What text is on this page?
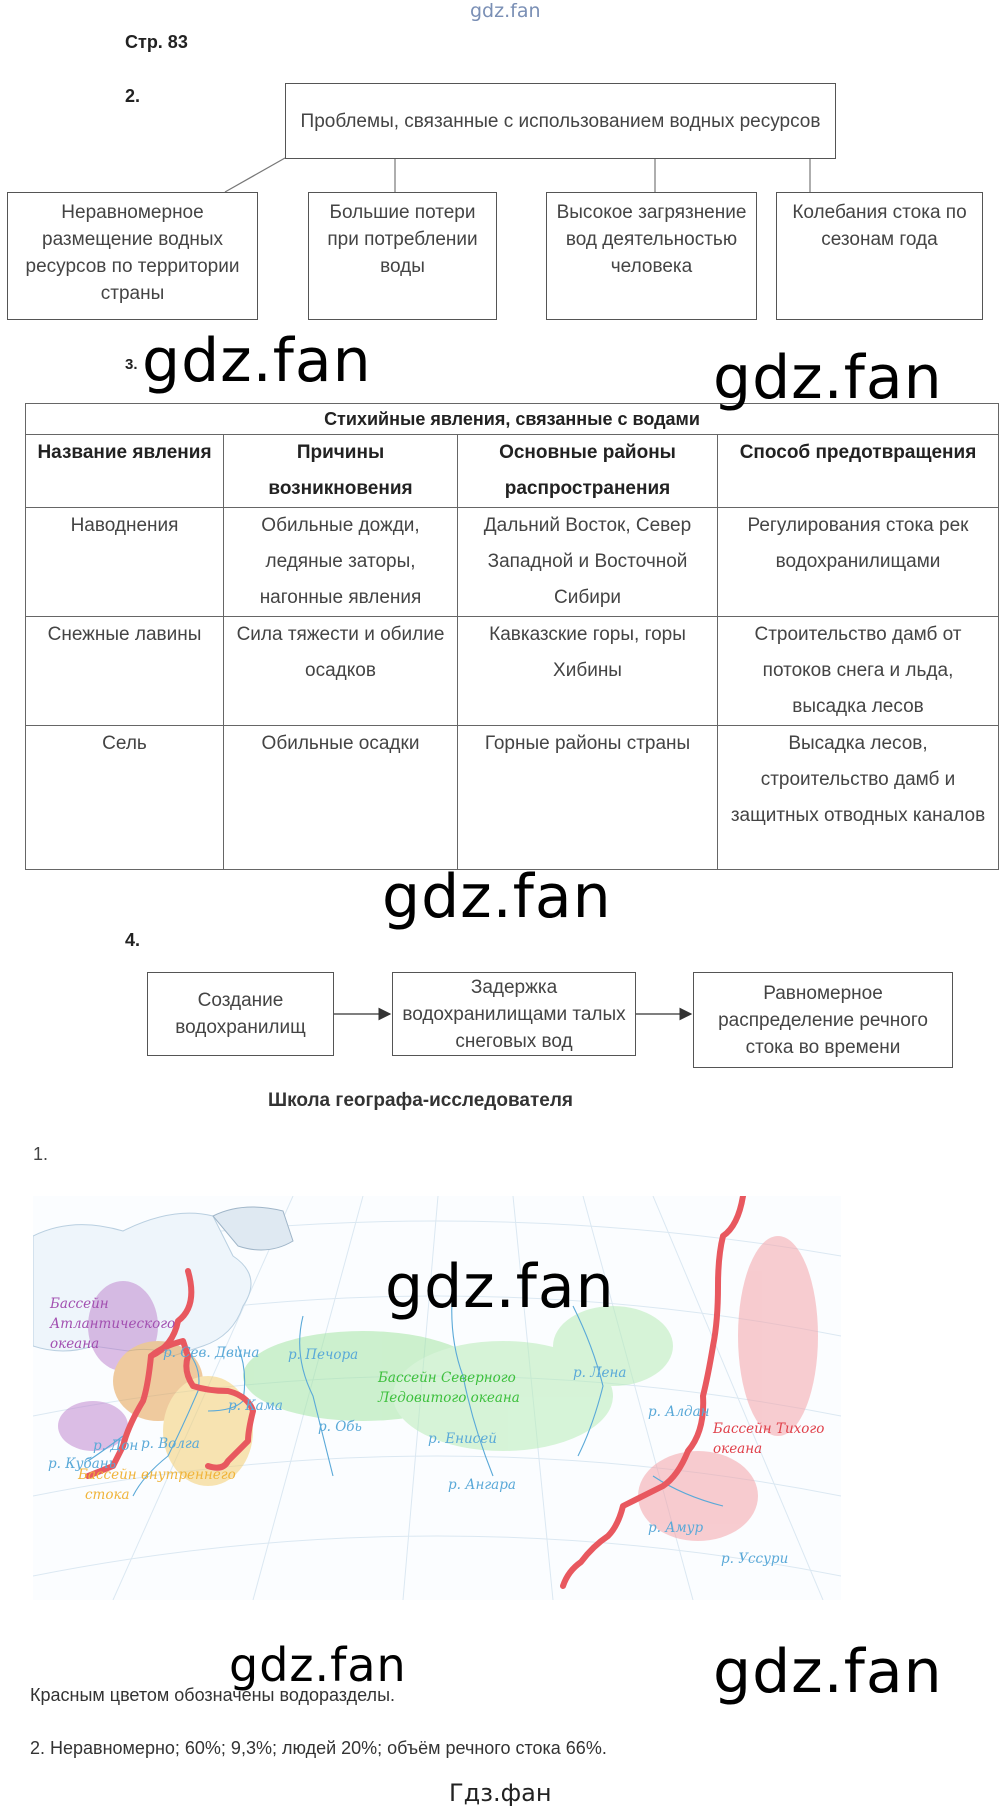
gdz.fan
Стр. 83
2.
Проблемы, связанные с использованием водных ресурсов
Неравномерное размещение водных ресурсов по территории страны
Большие потери при потреблении воды
Высокое загрязнение вод деятельностью человека
Колебания стока по сезонам года
3.
Стихийные явления, связанные с водами			
Название явления	Причины возникновения	Основные районы распространения	Способ предотвращения
Наводнения	Обильные дожди, ледяные заторы, нагонные явления	Дальний Восток, Север Западной и Восточной Сибири	Регулирования стока рек водохранилищами
Снежные лавины	Сила тяжести и обилие осадков	Кавказские горы, горы Хибины	Строительство дамб от потоков снега и льда, высадка лесов
Сель	Обильные осадки	Горные районы страны	Высадка лесов, строительство дамб и защитных отводных каналов
4.
Создание водохранилищ
Задержка водохранилищами талых снеговых вод
Равномерное распределение речного стока во времени
Школа географа-исследователя
1.
Бассейн
Атлантического
океана
Бассейн внутреннего
стока
Бассейн Северного
Ледовитого океана
Бассейн Тихого
океана
р. Сев. Двина р. Печора
р. Кама
р. Волга
р. Дон
р. Кубань
р. Обь
р. Енисей
р. Ангара
р. Лена
р. Алдан
р. Амур
р. Уссури
Красным цветом обозначены водоразделы.
2. Неравномерно; 60%; 9,3%; людей 20%; объём речного стока 66%.
Гдз.фан
gdz.fan	gdz.fan
gdz.fan
gdz.fan
gdz.fan	gdz.fan
